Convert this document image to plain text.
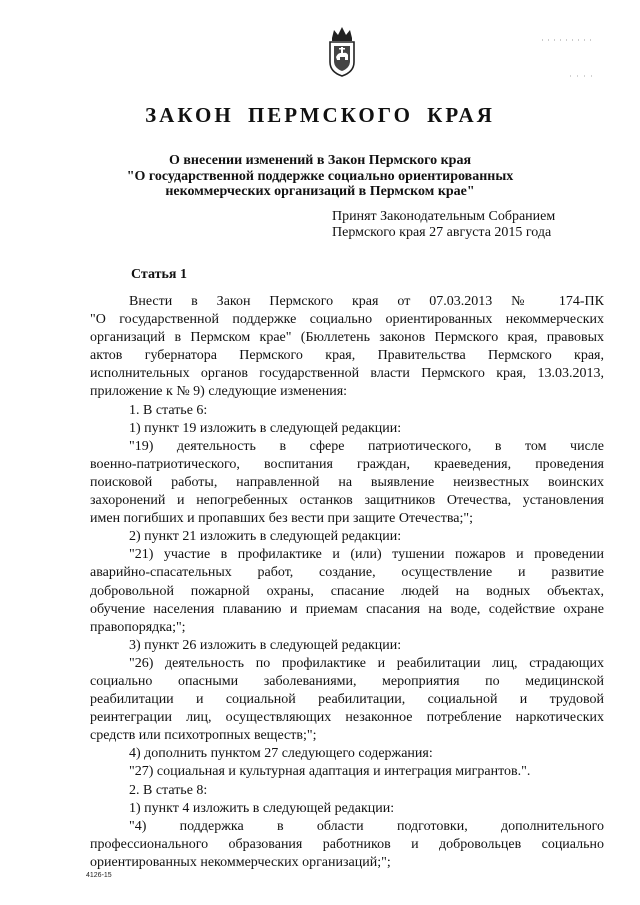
ЗАКОН ПЕРМСКОГО КРАЯ
О внесении изменений в Закон Пермского края
"О государственной поддержке социально ориентированных
некоммерческих организаций в Пермском крае"
Принят Законодательным Собранием
Пермского края 27 августа 2015 года
Статья 1
Внести в Закон Пермского края от 07.03.2013 № 174-ПК
"О государственной поддержке социально ориентированных некоммерческих
организаций в Пермском крае" (Бюллетень законов Пермского края, правовых
актов губернатора Пермского края, Правительства Пермского края,
исполнительных органов государственной власти Пермского края, 13.03.2013,
приложение к № 9) следующие изменения:
1. В статье 6:
1) пункт 19 изложить в следующей редакции:
"19) деятельность в сфере патриотического, в том числе
военно-патриотического, воспитания граждан, краеведения, проведения
поисковой работы, направленной на выявление неизвестных воинских
захоронений и непогребенных останков защитников Отечества, установления
имен погибших и пропавших без вести при защите Отечества;";
2) пункт 21 изложить в следующей редакции:
"21) участие в профилактике и (или) тушении пожаров и проведении
аварийно-спасательных работ, создание, осуществление и развитие
добровольной пожарной охраны, спасание людей на водных объектах,
обучение населения плаванию и приемам спасания на воде, содействие охране
правопорядка;";
3) пункт 26 изложить в следующей редакции:
"26) деятельность по профилактике и реабилитации лиц, страдающих
социально опасными заболеваниями, мероприятия по медицинской
реабилитации и социальной реабилитации, социальной и трудовой
реинтеграции лиц, осуществляющих незаконное потребление наркотических
средств или психотропных веществ;";
4) дополнить пунктом 27 следующего содержания:
"27) социальная и культурная адаптация и интеграция мигрантов.".
2. В статье 8:
1) пункт 4 изложить в следующей редакции:
"4) поддержка в области подготовки, дополнительного
профессионального образования работников и добровольцев социально
ориентированных некоммерческих организаций;";
4126-15
